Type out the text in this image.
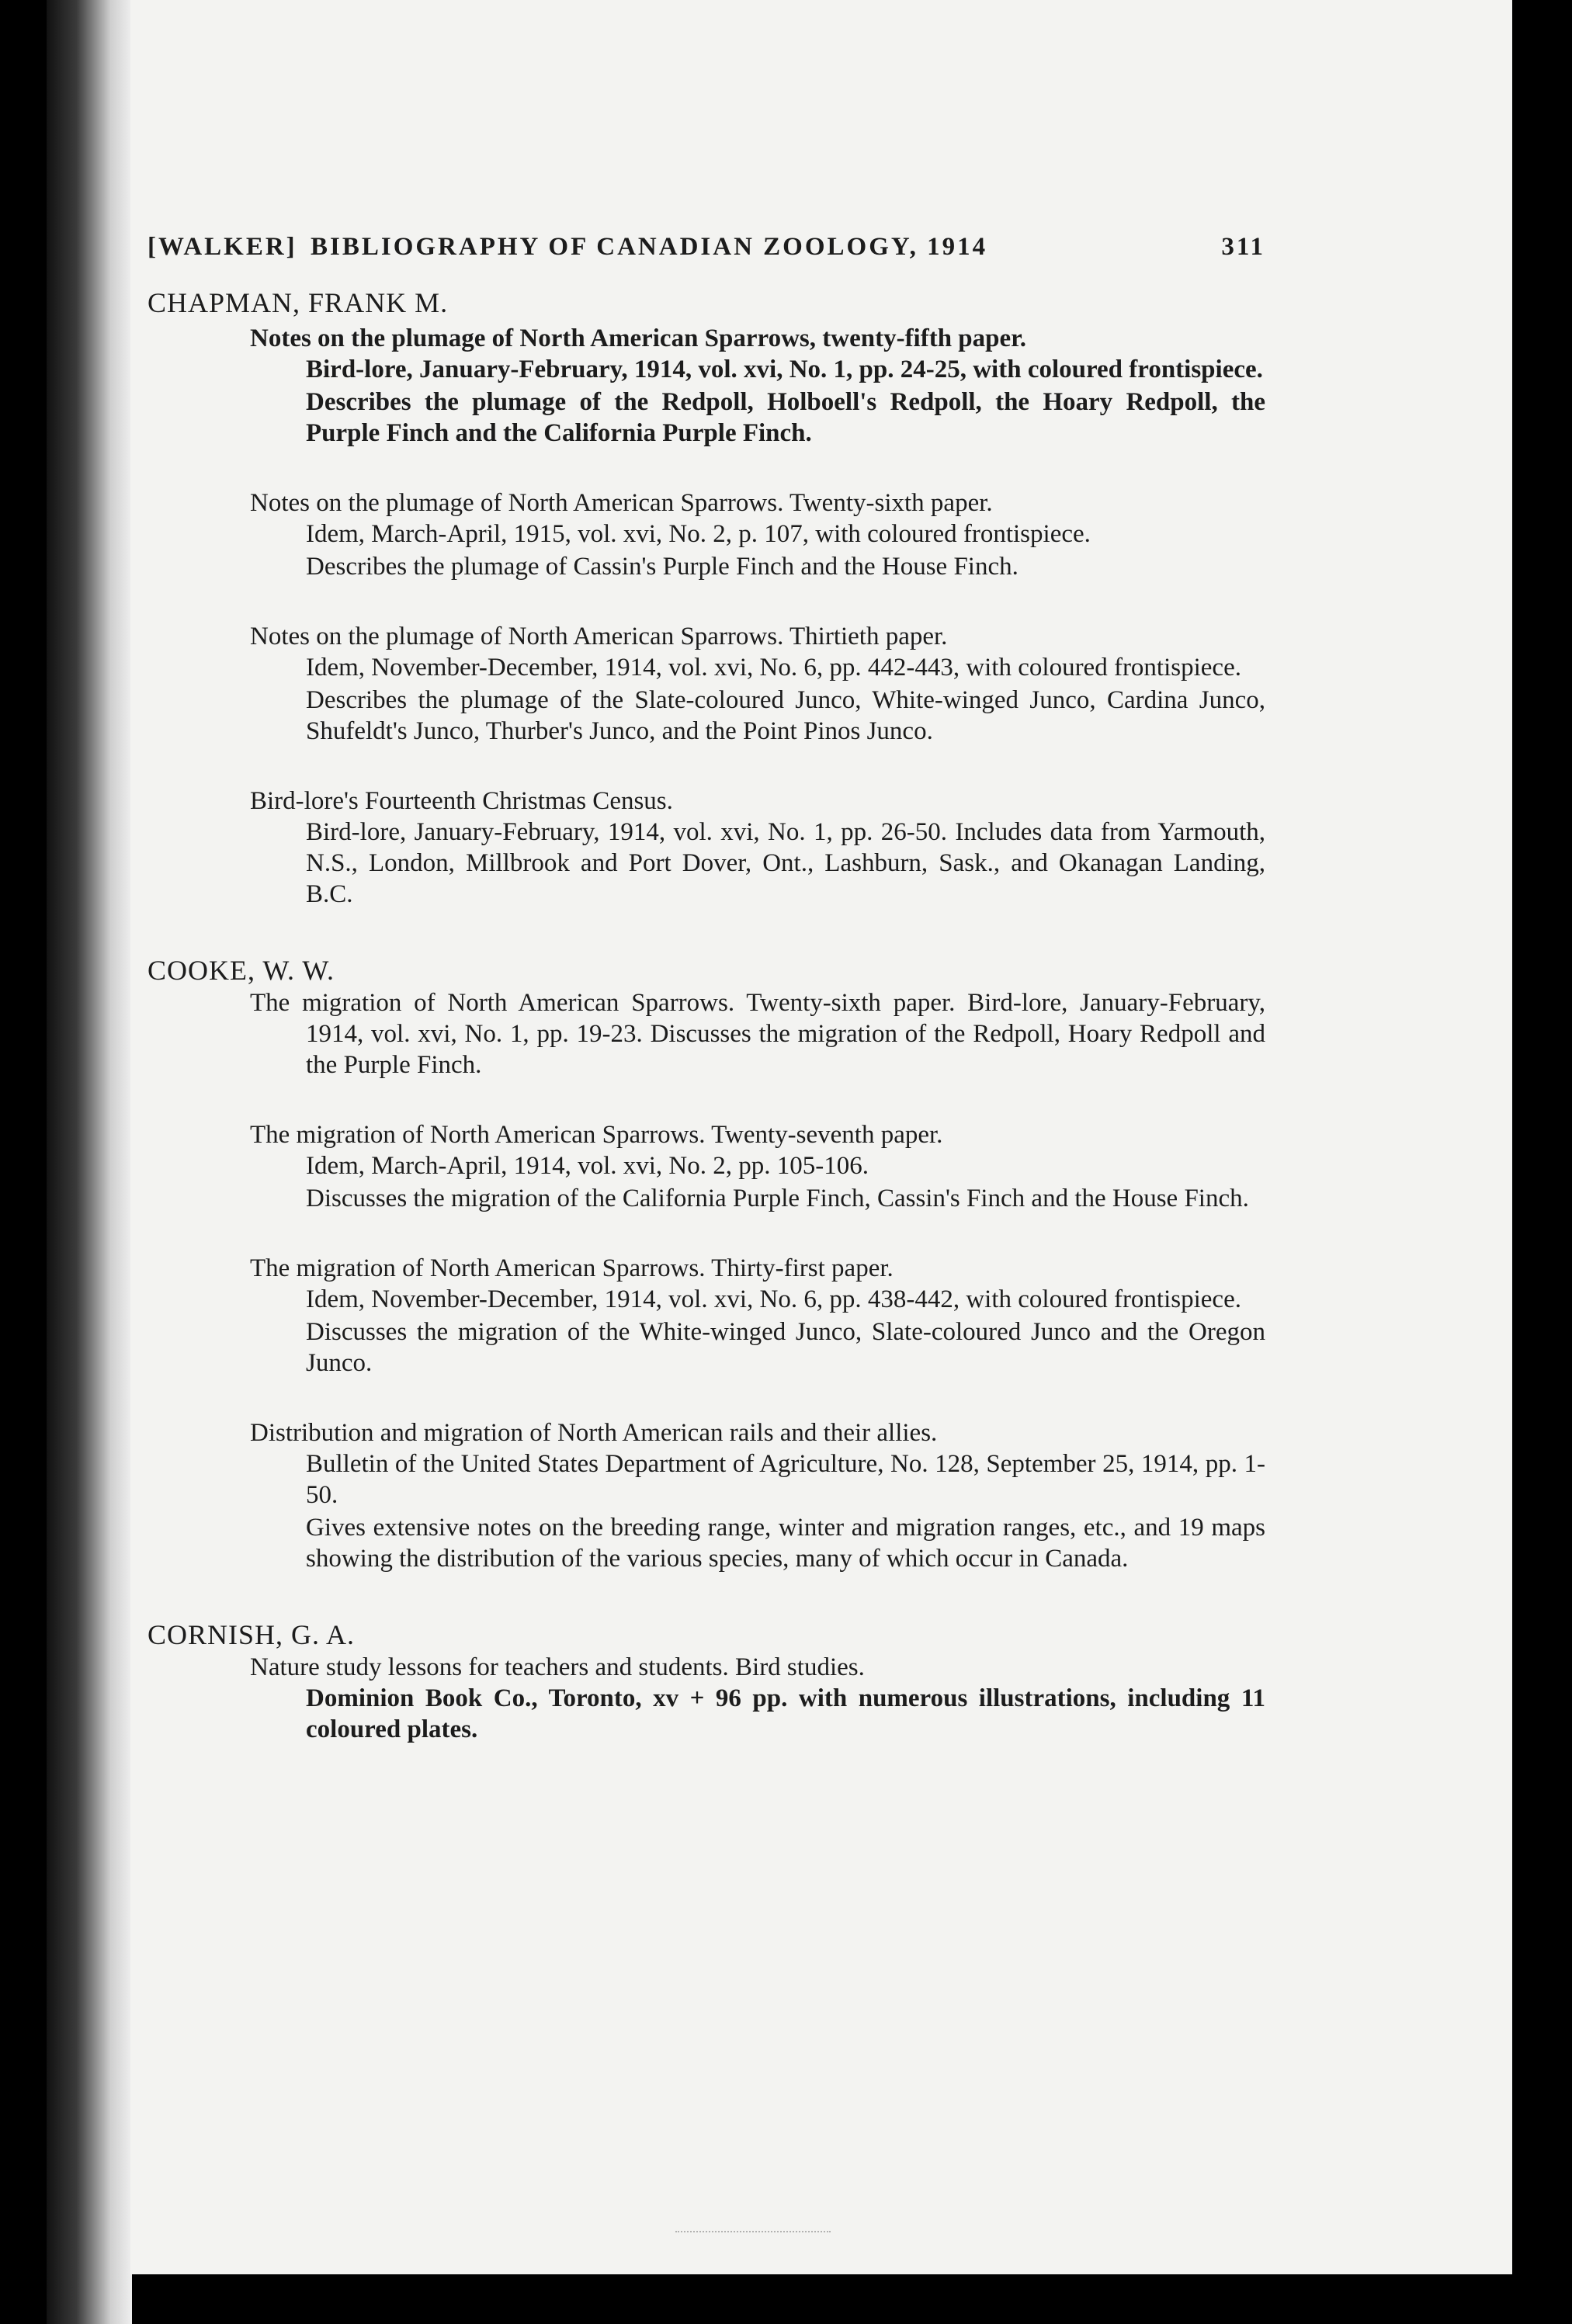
[WALKER] BIBLIOGRAPHY OF CANADIAN ZOOLOGY, 1914	311
CHAPMAN, FRANK M.
Notes on the plumage of North American Sparrows, twenty-fifth paper.

Bird-lore, January-February, 1914, vol. xvi, No. 1, pp. 24-25, with coloured frontispiece.

Describes the plumage of the Redpoll, Holboell's Redpoll, the Hoary Redpoll, the Purple Finch and the California Purple Finch.

Notes on the plumage of North American Sparrows. Twenty-sixth paper.

Idem, March-April, 1915, vol. xvi, No. 2, p. 107, with coloured frontispiece.

Describes the plumage of Cassin's Purple Finch and the House Finch.

Notes on the plumage of North American Sparrows. Thirtieth paper.

Idem, November-December, 1914, vol. xvi, No. 6, pp. 442-443, with coloured frontispiece.

Describes the plumage of the Slate-coloured Junco, White-winged Junco, Cardina Junco, Shufeldt's Junco, Thurber's Junco, and the Point Pinos Junco.

Bird-lore's Fourteenth Christmas Census.

Bird-lore, January-February, 1914, vol. xvi, No. 1, pp. 26-50. Includes data from Yarmouth, N.S., London, Millbrook and Port Dover, Ont., Lashburn, Sask., and Okanagan Landing, B.C.

COOKE, W. W.
The migration of North American Sparrows. Twenty-sixth paper. Bird-lore, January-February, 1914, vol. xvi, No. 1, pp. 19-23. Discusses the migration of the Redpoll, Hoary Redpoll and the Purple Finch.
The migration of North American Sparrows. Twenty-seventh paper.

Idem, March-April, 1914, vol. xvi, No. 2, pp. 105-106.

Discusses the migration of the California Purple Finch, Cassin's Finch and the House Finch.

The migration of North American Sparrows. Thirty-first paper.

Idem, November-December, 1914, vol. xvi, No. 6, pp. 438-442, with coloured frontispiece.

Discusses the migration of the White-winged Junco, Slate-coloured Junco and the Oregon Junco.

Distribution and migration of North American rails and their allies.

Bulletin of the United States Department of Agriculture, No. 128, September 25, 1914, pp. 1-50.

Gives extensive notes on the breeding range, winter and migration ranges, etc., and 19 maps showing the distribution of the various species, many of which occur in Canada.

CORNISH, G. A.
Nature study lessons for teachers and students. Bird studies.

Dominion Book Co., Toronto, xv + 96 pp. with numerous illustrations, including 11 coloured plates.
